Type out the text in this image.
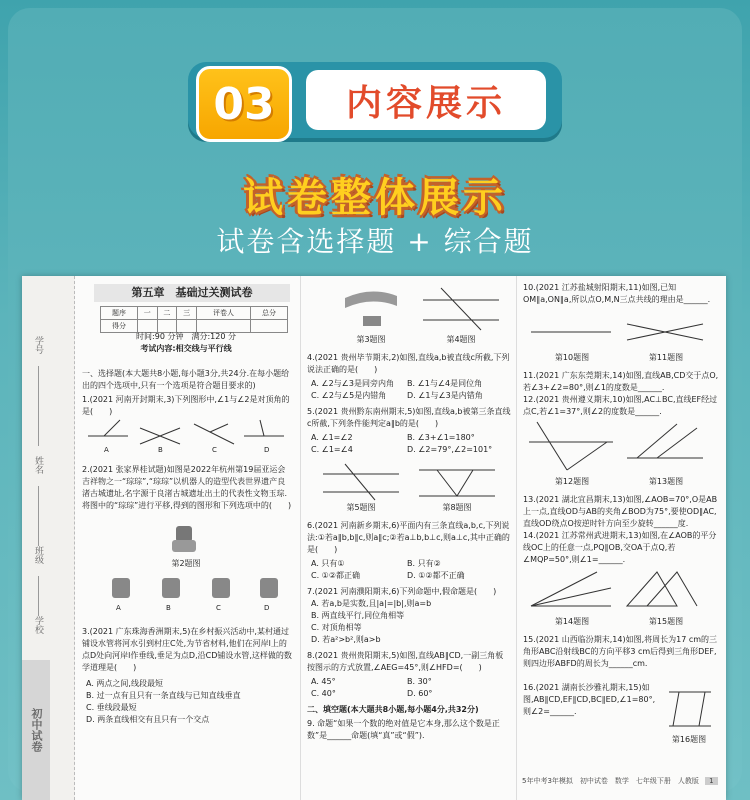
03	内容展示
试卷整体展示
试卷含选择题 + 综合题
学号
姓名
班级
学校
初中试卷
第五章　基础过关测试卷
题序	一	二	三	评卷人	总分
得分					
时间:90 分钟　满分:120 分
考试内容:相交线与平行线
一、选择题(本大题共8小题,每小题3分,共24分.在每小题给出的四个选项中,只有一个选项是符合题目要求的)
1.(2021 河南开封期末,3)下列图形中,∠1与∠2是对顶角的是(　　)
A	B	C	D
2.(2021 张家界桂试题)如图是2022年杭州第19届亚运会吉祥物之一“琮琮”,“琮琮”以机器人的造型代表世界遗产良渚古城遗址,名字源于良渚古城遗址出土的代表性文物玉琮.将图中的“琮琮”进行平移,得到的图形和下列选项中的(　　)
第2题图
A	B	C	D
3.(2021 广东珠海香洲期末,5)在乡村振兴活动中,某村通过铺设水管将河水引到村庄C处,为节省材料,他们在河岸l上的点D处向河岸l作垂线,垂足为点D,沿CD铺设水管,这样做的数学道理是(　　)
A. 两点之间,线段最短
B. 过一点有且只有一条直线与已知直线垂直
C. 垂线段最短
D. 两条直线相交有且只有一个交点
第3题图	第4题图
4.(2021 贵州毕节期末,2)如图,直线a,b被直线c所截,下列说法正确的是(　　)
A. ∠2与∠3是同旁内角 B. ∠1与∠4是同位角
C. ∠2与∠5是内错角	D. ∠1与∠3是内错角
5.(2021 贵州黔东南州期末,5)如图,直线a,b被第三条直线c所截,下列条件能判定a∥b的是(　　)
A. ∠1=∠2	B. ∠3+∠1=180°
C. ∠1=∠4	D. ∠2=79°,∠2=101°
第5题图	第8题图
6.(2021 河南新乡期末,6)平面内有三条直线a,b,c,下列说法:①若a∥b,b∥c,则a∥c;②若a⊥b,b⊥c,则a⊥c,其中正确的是(　　)
A. 只有①	B. 只有②
C. ①②都正确	D. ①②都不正确
7.(2021 河南濮阳期末,6)下列命题中,假命题是(　　)
A. 若a,b是实数,且|a|=|b|,则a=b
B. 两直线平行,同位角相等
C. 对顶角相等
D. 若a²>b²,则a>b
8.(2021 贵州贵阳期末,5)如图,直线AB∥CD,一副三角板按图示的方式放置,∠AEG=45°,则∠HFD=(　　)
A. 45°	B. 30°
C. 40°	D. 60°
二、填空题(本大题共8小题,每小题4分,共32分)
9. 命题“如果一个数的绝对值是它本身,那么这个数是正数”是______命题(填“真”或“假”).
10.(2021 江苏盐城射阳期末,11)如图,已知OM∥a,ON∥a,所以点O,M,N三点共线的理由是______.
第10题图	第11题图
11.(2021 广东东莞期末,14)如图,直线AB,CD交于点O,若∠3+∠2=80°,则∠1的度数是______.
12.(2021 贵州遵义期末,10)如图,AC⊥BC,直线EF经过点C,若∠1=37°,则∠2的度数是______.
第12题图	第13题图
13.(2021 湖北宜昌期末,13)如图,∠AOB=70°,O是AB上一点,直线OD与AB的夹角∠BOD为75°,要使OD∥AC,直线OD绕点O按逆时针方向至少旋转______度.
14.(2021 江苏常州武进期末,13)如图,在∠AOB的平分线OC上的任意一点,PQ∥OB,交OA于点Q,若∠MQP=50°,则∠1=______.
第14题图	第15题图
15.(2021 山西临汾期末,14)如图,将周长为17 cm的三角形ABC沿射线BC的方向平移3 cm后得到三角形DEF,则四边形ABFD的周长为______cm.
16.(2021 湖南长沙雅礼期末,15)如图,AB∥CD,EF∥CD,BC∥ED,∠1=80°,则∠2=______.
第16题图
5年中考3年模拟　初中试卷　数学　七年级下册　人教版 1
